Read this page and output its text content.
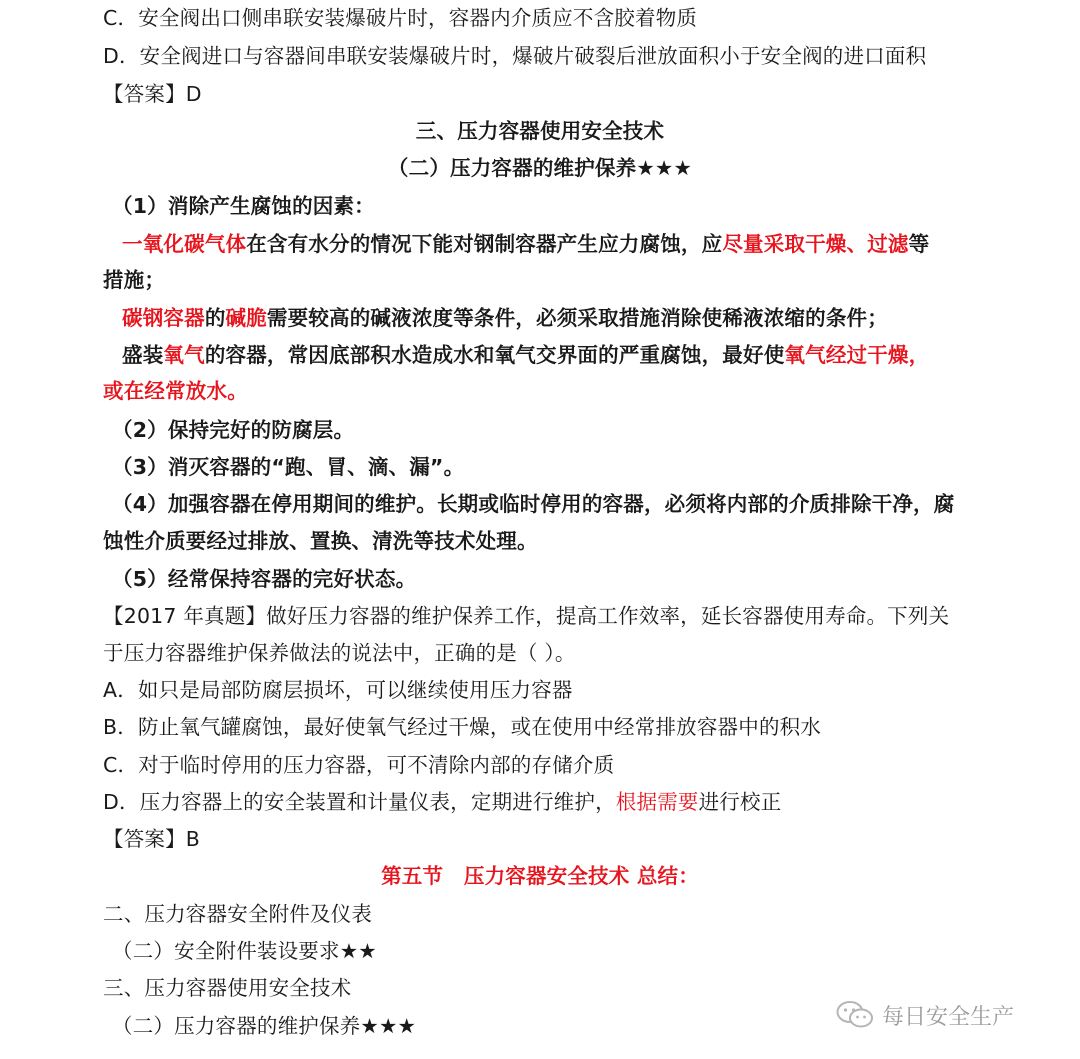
C．安全阀出口侧串联安装爆破片时，容器内介质应不含胶着物质
D．安全阀进口与容器间串联安装爆破片时，爆破片破裂后泄放面积小于安全阀的进口面积
【答案】D
三、压力容器使用安全技术
（二）压力容器的维护保养★★★
（1）消除产生腐蚀的因素：
一氧化碳气体在含有水分的情况下能对钢制容器产生应力腐蚀，应尽量采取干燥、过滤等
措施；
碳钢容器的碱脆需要较高的碱液浓度等条件，必须采取措施消除使稀液浓缩的条件；
盛装氧气的容器，常因底部积水造成水和氧气交界面的严重腐蚀，最好使氧气经过干燥，
或在经常放水。
（2）保持完好的防腐层。
（3）消灭容器的“跑、冒、滴、漏”。
（4）加强容器在停用期间的维护。长期或临时停用的容器，必须将内部的介质排除干净，腐
蚀性介质要经过排放、置换、清洗等技术处理。
（5）经常保持容器的完好状态。
【2017 年真题】做好压力容器的维护保养工作，提高工作效率，延长容器使用寿命。下列关
于压力容器维护保养做法的说法中，正确的是（ ）。
A．如只是局部防腐层损坏，可以继续使用压力容器
B．防止氧气罐腐蚀，最好使氧气经过干燥，或在使用中经常排放容器中的积水
C．对于临时停用的压力容器，可不清除内部的存储介质
D．压力容器上的安全装置和计量仪表，定期进行维护，根据需要进行校正
【答案】B
第五节　压力容器安全技术 总结：
二、压力容器安全附件及仪表
（二）安全附件装设要求★★
三、压力容器使用安全技术
（二）压力容器的维护保养★★★	每日安全生产
